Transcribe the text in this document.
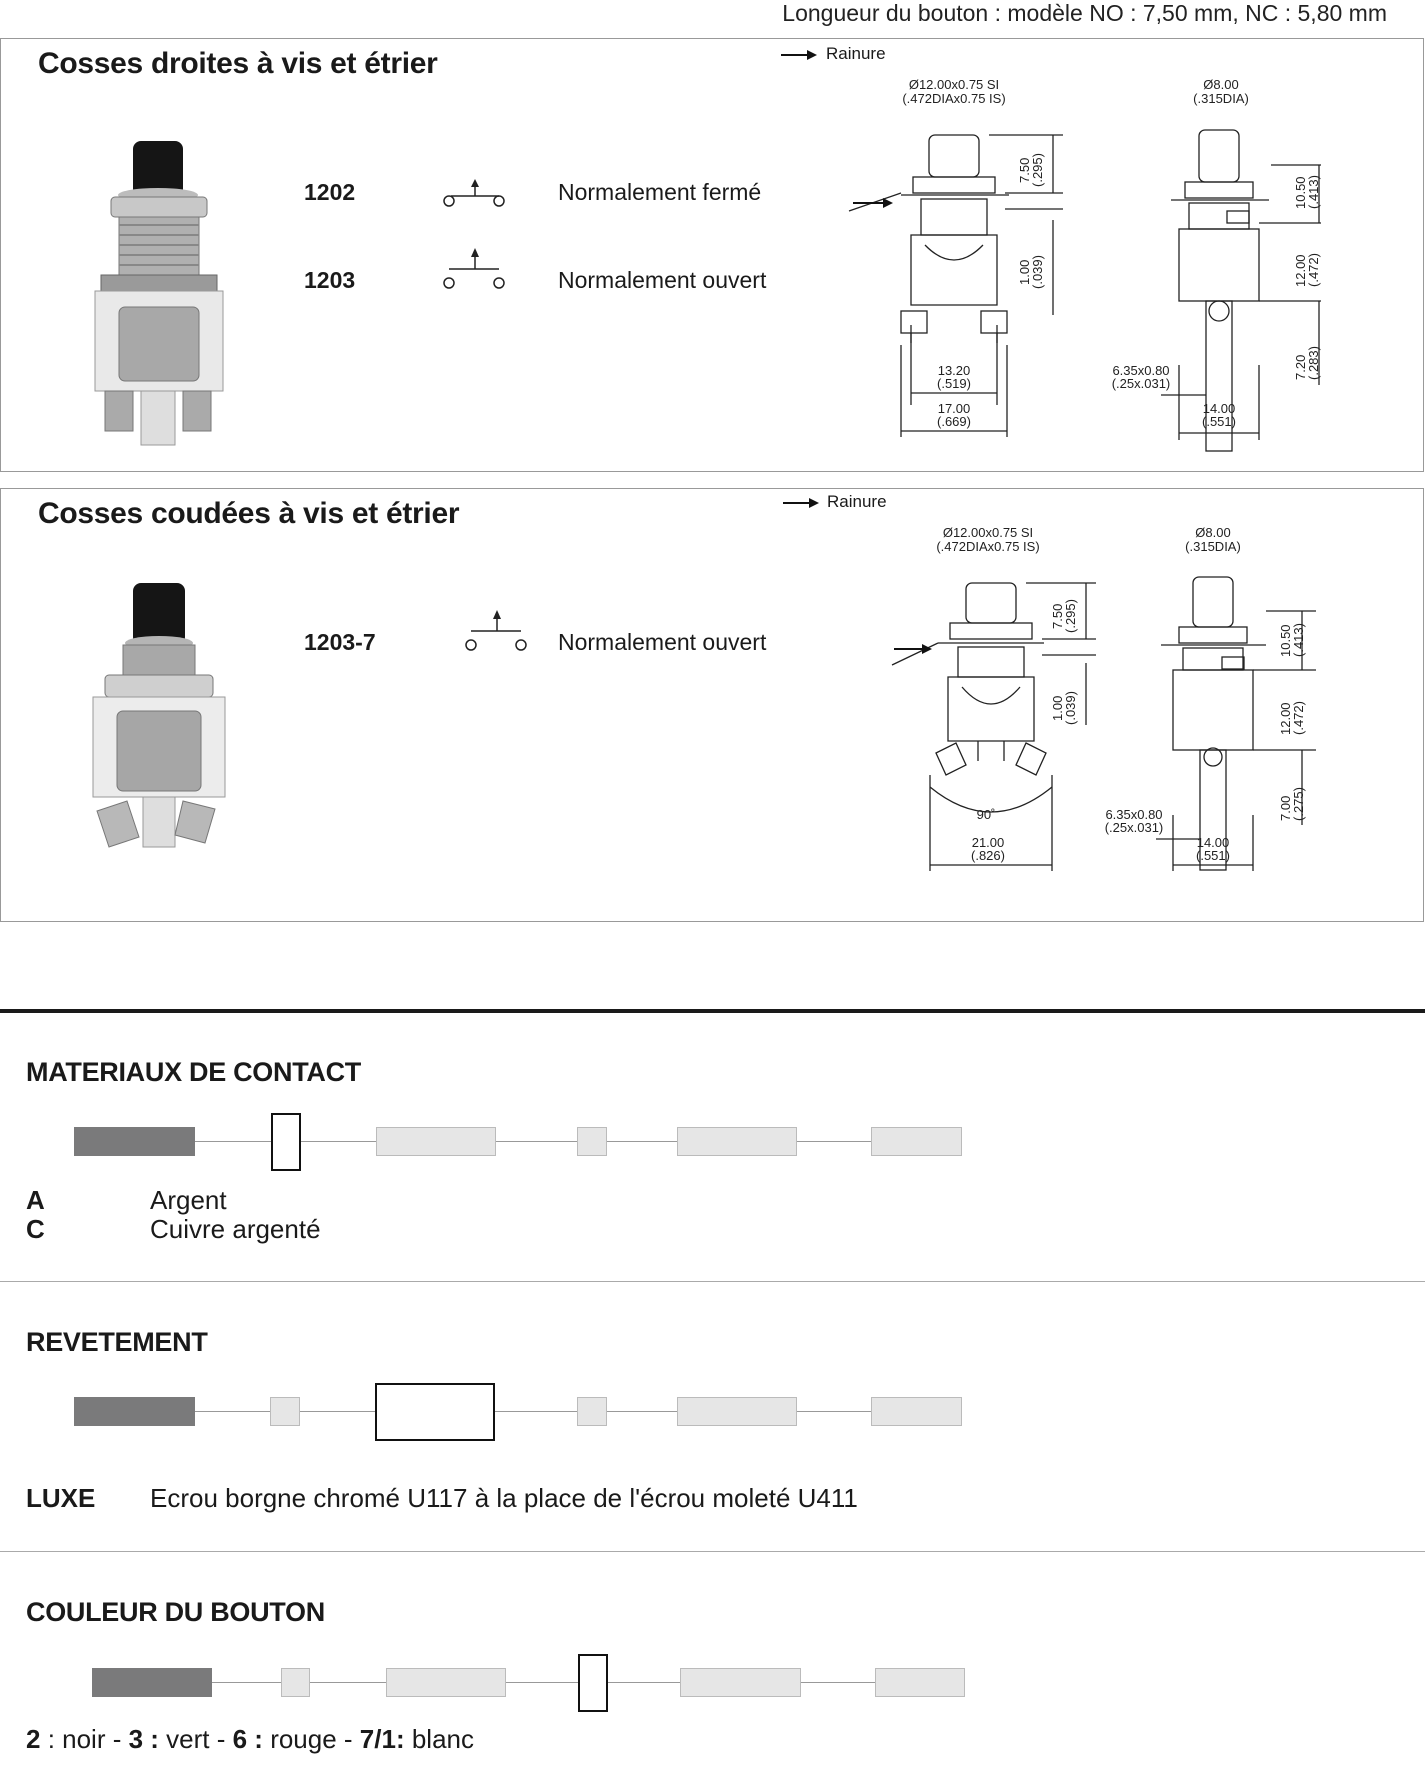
Longueur du bouton : modèle NO : 7,50 mm, NC : 5,80 mm
Cosses droites à vis et étrier
1202	Normalement fermé
1203	Normalement ouvert
Rainure
Ø12.00x0.75 SI
(.472DIAx0.75 IS)
Ø8.00
(.315DIA)
13.20
(.519)
17.00
(.669)
6.35x0.80
(.25x.031)
14.00
(.551)
7.50
(.295)
1.00
(.039)
10.50
(.413)
12.00
(.472)
7.20
(.283)
Cosses coudées à vis et étrier
1203-7	Normalement ouvert
Rainure
Ø12.00x0.75 SI
(.472DIAx0.75 IS)
Ø8.00
(.315DIA)
90˚
21.00
(.826)
6.35x0.80
(.25x.031)
14.00
(.551)
7.50
(.295)
1.00
(.039)
10.50
(.413)
12.00
(.472)
7.00
(.275)
MATERIAUX DE CONTACT
A	Argent
C	Cuivre argenté
REVETEMENT
LUXE Ecrou borgne chromé U117 à la place de l'écrou moleté U411
COULEUR DU BOUTON
2 : noir - 3 : vert - 6 : rouge - 7/1: blanc
